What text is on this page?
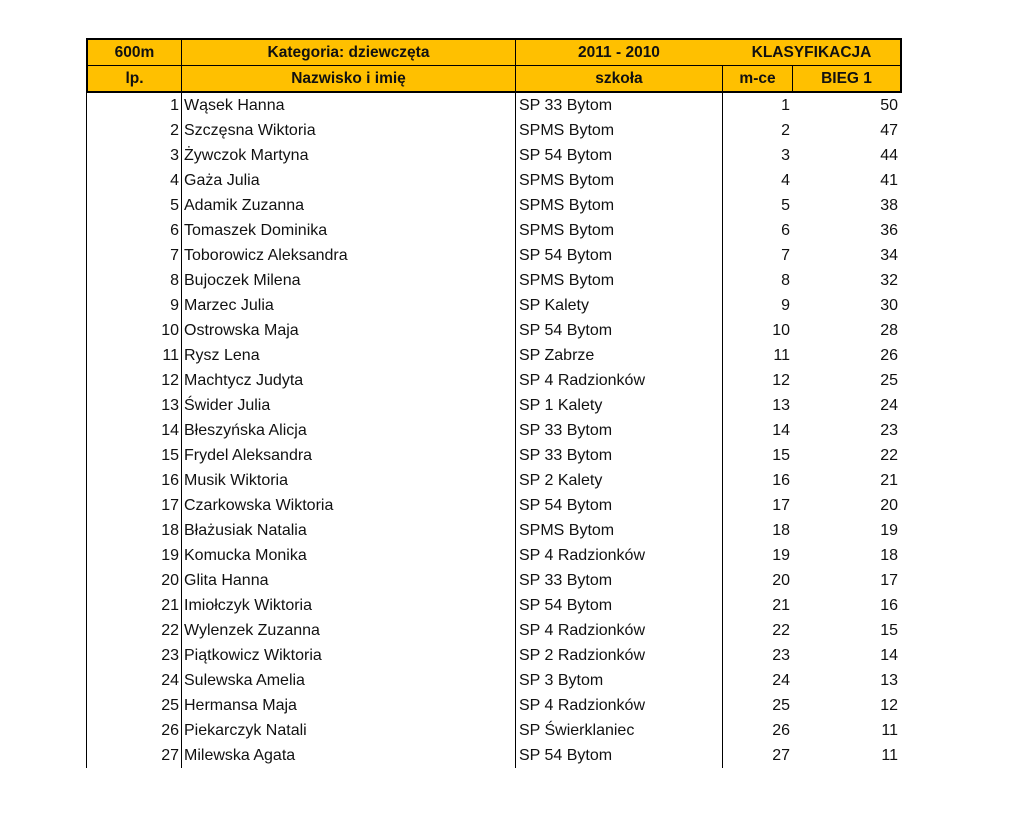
600m	Kategoria: dziewczęta	2011 - 2010	KLASYFIKACJA
lp.	Nazwisko i imię	szkoła	m-ce	BIEG 1
1 Wąsek Hanna	SP 33 Bytom	1	50
2 Szczęsna Wiktoria	SPMS Bytom	2	47
3 Żywczok Martyna	SP 54 Bytom	3	44
4 Gaża Julia	SPMS Bytom	4	41
5 Adamik Zuzanna	SPMS Bytom	5	38
6 Tomaszek Dominika	SPMS Bytom	6	36
7 Toborowicz Aleksandra	SP 54 Bytom	7	34
8 Bujoczek Milena	SPMS Bytom	8	32
9 Marzec Julia	SP Kalety	9	30
10 Ostrowska Maja	SP 54 Bytom	10	28
11 Rysz Lena	SP Zabrze	11	26
12 Machtycz Judyta	SP 4 Radzionków	12	25
13 Świder Julia	SP 1 Kalety	13	24
14 Błeszyńska Alicja	SP 33 Bytom	14	23
15 Frydel Aleksandra	SP 33 Bytom	15	22
16 Musik Wiktoria	SP 2 Kalety	16	21
17 Czarkowska Wiktoria	SP 54 Bytom	17	20
18 Błażusiak Natalia	SPMS Bytom	18	19
19 Komucka Monika	SP 4 Radzionków	19	18
20 Glita Hanna	SP 33 Bytom	20	17
21 Imiołczyk Wiktoria	SP 54 Bytom	21	16
22 Wylenzek Zuzanna	SP 4 Radzionków	22	15
23 Piątkowicz Wiktoria	SP 2 Radzionków	23	14
24 Sulewska Amelia	SP 3 Bytom	24	13
25 Hermansa Maja	SP 4 Radzionków	25	12
26 Piekarczyk Natali	SP Świerklaniec	26	11
27 Milewska Agata	SP 54 Bytom	27	11
